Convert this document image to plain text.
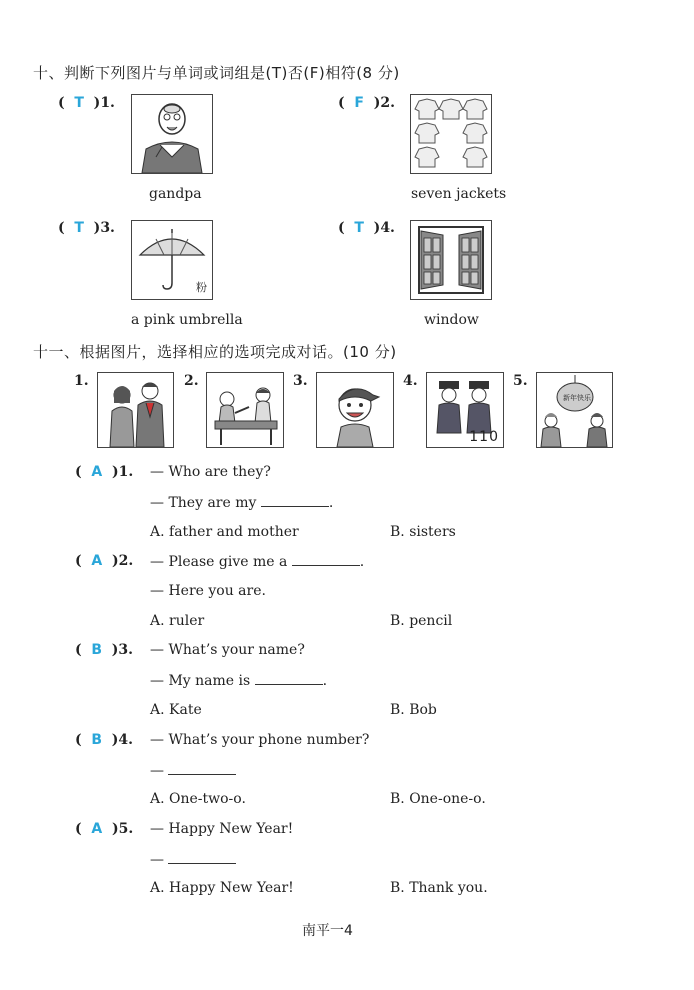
十、判断下列图片与单词或词组是(T)否(F)相符(8 分)
(  T  )1.
gandpa
(  F  )2.
seven jackets
(  T  )3.
粉
a pink umbrella
(  T  )4.
window
十一、根据图片，选择相应的选项完成对话。(10 分)
1.	2.	3.	4.
110
5.
新年快乐
(  A  )1. — Who are they?
— They are my	.
A. father and mother	B. sisters
(  A  )2. — Please give me a	.
— Here you are.
A. ruler	B. pencil
(  B  )3. — What’s your name?
— My name is	.
A. Kate	B. Bob
(  B  )4. — What’s your phone number?
—
A. One-two-o.	B. One-one-o.
(  A  )5. — Happy New Year!
—
A. Happy New Year!	B. Thank you.
南平一4
